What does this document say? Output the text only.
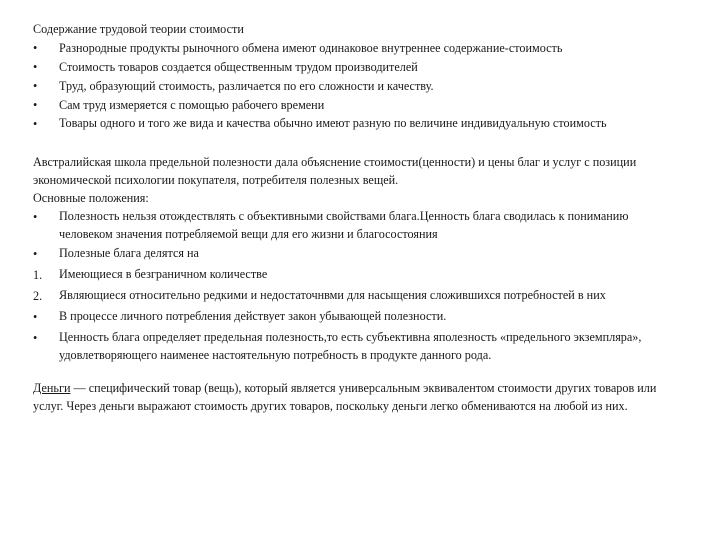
Содержание трудовой теории стоимости

•	Разнородные продукты рыночного обмена имеют одинаковое внутреннее содержание-стоимость
•	Стоимость товаров создается общественным трудом производителей
•	Труд, образующий стоимость, различается по его сложности и качеству.
•	Сам труд измеряется с помощью рабочего времени
•	Товары одного и того же вида и качества обычно имеют разную по величине индивидуальную стоимость

Австралийская школа предельной полезности дала объяснение стоимости(ценности) и цены благ и услуг с позиции экономической психологии покупателя, потребителя полезных вещей.

Основные положения:

•	Полезность нельзя отождествлять с объективными свойствами блага.Ценность блага сводилась к пониманию человеком значения потребляемой вещи для его жизни и благосостояния
•	Полезные блага делятся на
1.	Имеющиеся в безграничном количестве
2.	Являющиеся относительно редкими и недостаточнвми для насыщения сложившихся потребностей в них
•	В процессе личного потребления действует закон убывающей полезности.
•	Ценность блага определяет предельная полезность,то есть субъективна яполезность «предельного экземпляра», удовлетворяющего наименее настоятельную потребность в продукте данного рода.

Деньги — специфический товар (вещь), который является универсальным эквивалентом стоимости других товаров или услуг. Через деньги выражают стоимость других товаров, поскольку деньги легко обмениваются на любой из них.
